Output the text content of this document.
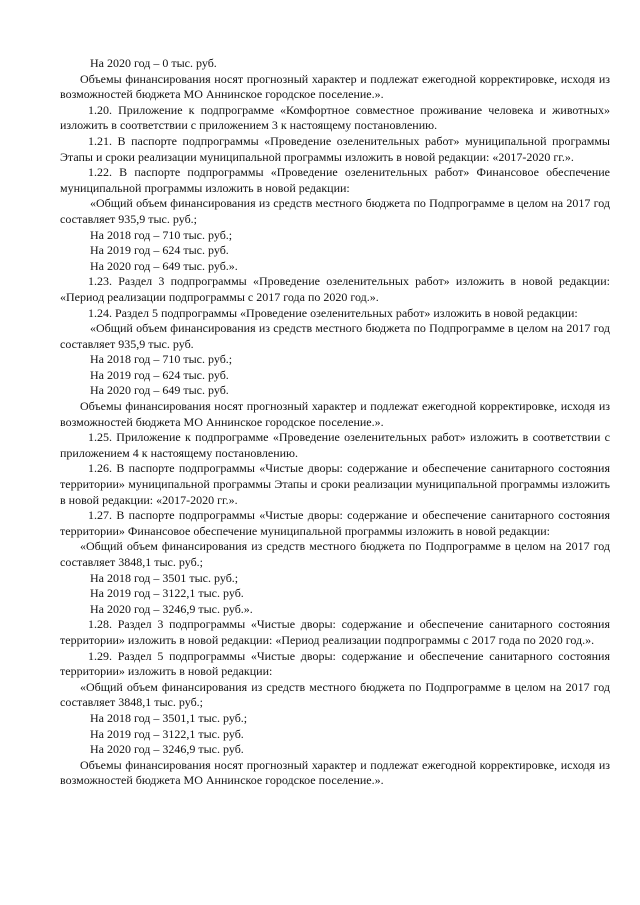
На 2020 год – 0 тыс. руб.

Объемы финансирования носят прогнозный характер и подлежат ежегодной корректировке, исходя из возможностей бюджета МО Аннинское городское поселение.».

1.20. Приложение к подпрограмме «Комфортное совместное проживание человека и животных» изложить в соответствии с приложением 3 к настоящему постановлению.

1.21. В паспорте подпрограммы «Проведение озеленительных работ» муниципальной программы Этапы и сроки реализации муниципальной программы изложить в новой редакции: «2017-2020 гг.».

1.22. В паспорте подпрограммы «Проведение озеленительных работ» Финансовое обеспечение муниципальной программы изложить в новой редакции:

«Общий объем финансирования из средств местного бюджета по Подпрограмме в целом на 2017 год составляет 935,9 тыс. руб.;

На 2018 год – 710 тыс. руб.;

На 2019 год – 624 тыс. руб.

На 2020 год – 649 тыс. руб.».

1.23. Раздел 3 подпрограммы «Проведение озеленительных работ» изложить в новой редакции: «Период реализации подпрограммы с 2017 года по 2020 год.».

1.24. Раздел 5 подпрограммы «Проведение озеленительных работ» изложить в новой редакции:

«Общий объем финансирования из средств местного бюджета по Подпрограмме в целом на 2017 год составляет 935,9 тыс. руб.

На 2018 год – 710 тыс. руб.;

На 2019 год – 624 тыс. руб.

На 2020 год – 649 тыс. руб.

Объемы финансирования носят прогнозный характер и подлежат ежегодной корректировке, исходя из возможностей бюджета МО Аннинское городское поселение.».

1.25. Приложение к подпрограмме «Проведение озеленительных работ» изложить в соответствии с приложением 4 к настоящему постановлению.

1.26. В паспорте подпрограммы «Чистые дворы: содержание и обеспечение санитарного состояния территории» муниципальной программы Этапы и сроки реализации муниципальной программы изложить в новой редакции: «2017-2020 гг.».

1.27. В паспорте подпрограммы «Чистые дворы: содержание и обеспечение санитарного состояния территории» Финансовое обеспечение муниципальной программы изложить в новой редакции:

«Общий объем финансирования из средств местного бюджета по Подпрограмме в целом на 2017 год составляет 3848,1 тыс. руб.;

На 2018 год – 3501 тыс. руб.;

На 2019 год – 3122,1 тыс. руб.

На 2020 год – 3246,9 тыс. руб.».

1.28. Раздел 3 подпрограммы «Чистые дворы: содержание и обеспечение санитарного состояния территории» изложить в новой редакции: «Период реализации подпрограммы с 2017 года по 2020 год.».

1.29. Раздел 5 подпрограммы «Чистые дворы: содержание и обеспечение санитарного состояния территории» изложить в новой редакции:

«Общий объем финансирования из средств местного бюджета по Подпрограмме в целом на 2017 год составляет 3848,1 тыс. руб.;

На 2018 год – 3501,1 тыс. руб.;

На 2019 год – 3122,1 тыс. руб.

На 2020 год – 3246,9 тыс. руб.

Объемы финансирования носят прогнозный характер и подлежат ежегодной корректировке, исходя из возможностей бюджета МО Аннинское городское поселение.».
